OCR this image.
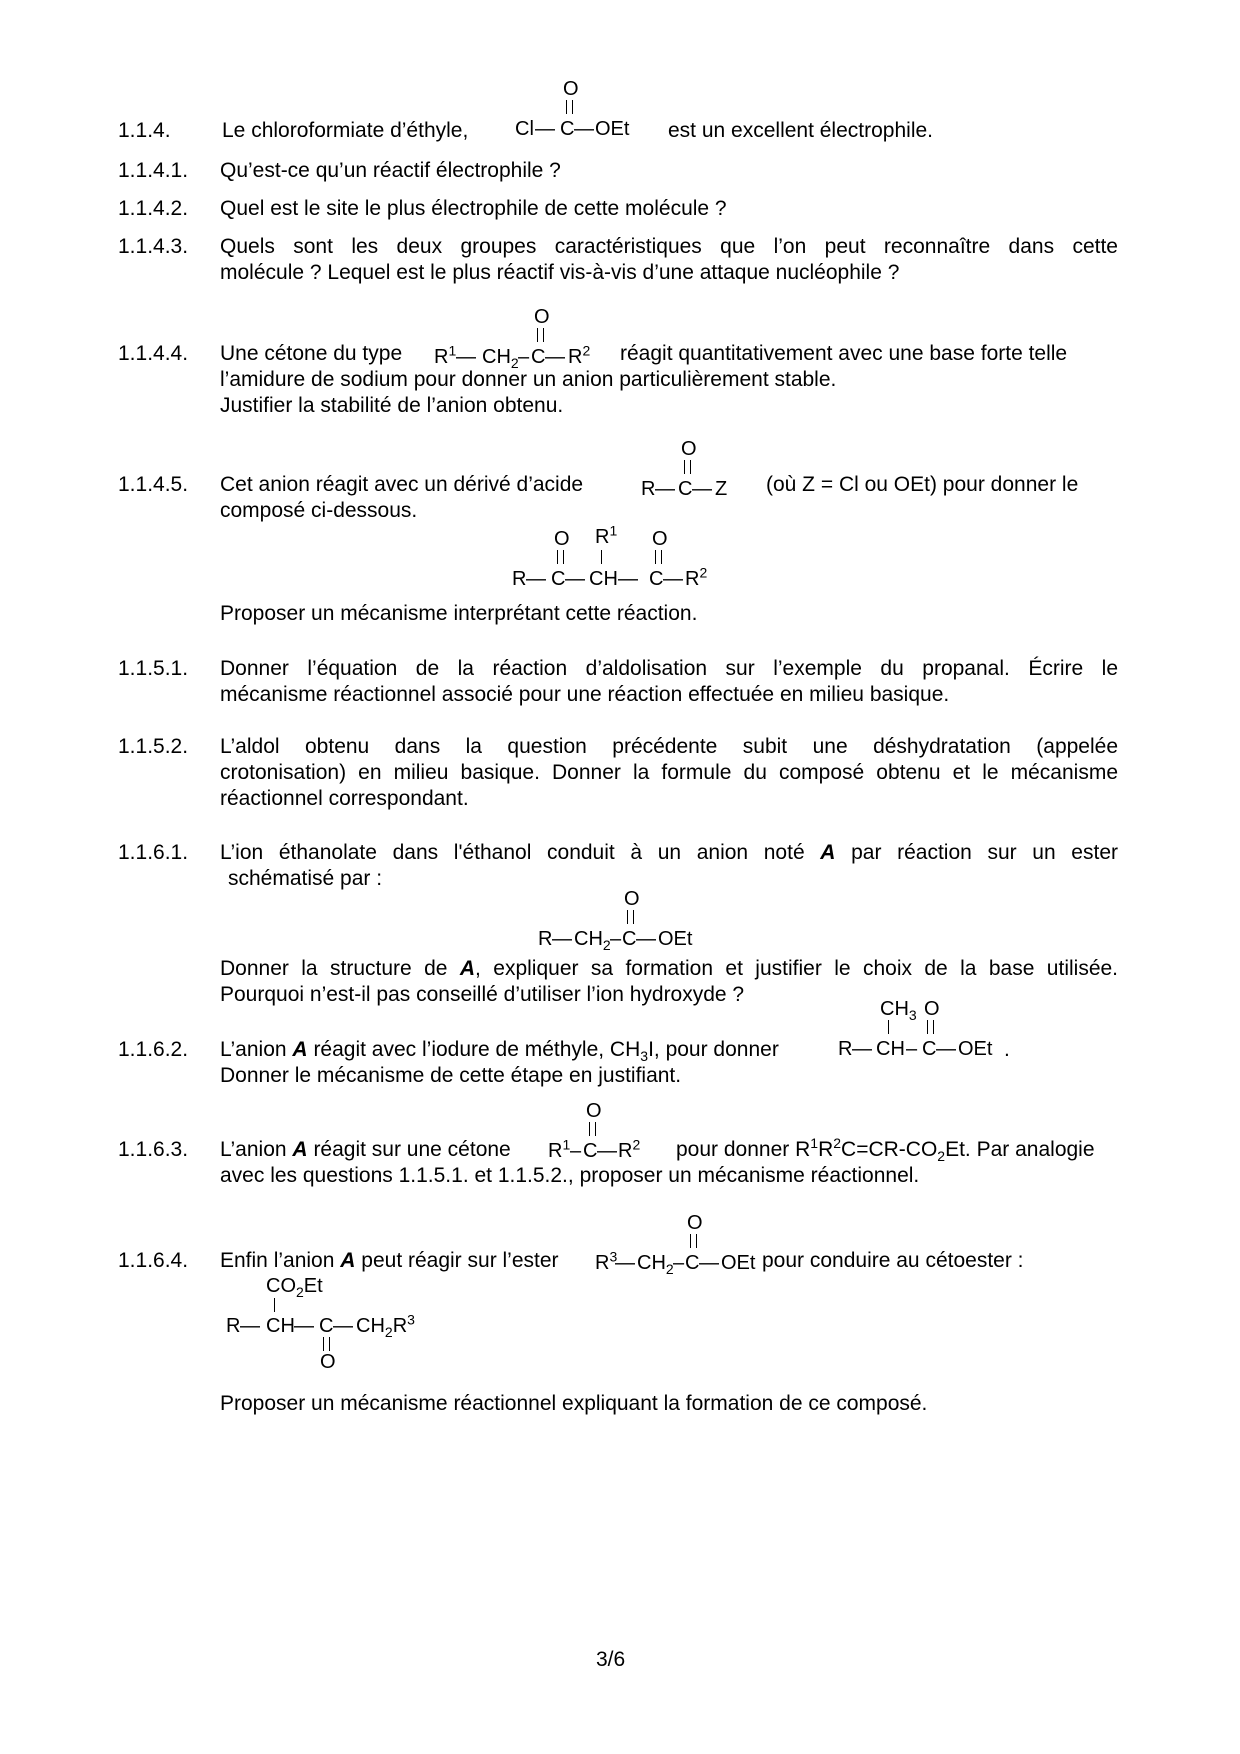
O
Cl — C — OEt
1.1.4. Le chloroformiate d’éthyle,	est un excellent électrophile.
1.1.4.1. Qu’est-ce qu’un réactif électrophile ?
1.1.4.2. Quel est le site le plus électrophile de cette molécule ?
1.1.4.3. Quels sont les deux groupes caractéristiques que l’on peut reconnaître dans cette
molécule ? Lequel est le plus réactif vis-à-vis d’une attaque nucléophile ?
O
$R^1$ — $CH_2$ – C — $R^2$
1.1.4.4. Une cétone du type	réagit quantitativement avec une base forte telle
l’amidure de sodium pour donner un anion particulièrement stable.
Justifier la stabilité de l’anion obtenu.
O
R — C — Z
1.1.4.5. Cet anion réagit avec un dérivé d’acide	(où Z = Cl ou OEt) pour donner le
composé ci-dessous.
O $R^1$ O
R — C — CH — C — $R^2$
Proposer un mécanisme interprétant cette réaction.
1.1.5.1. Donner l’équation de la réaction d’aldolisation sur l’exemple du propanal. Écrire le
mécanisme réactionnel associé pour une réaction effectuée en milieu basique.
1.1.5.2. L’aldol obtenu dans la question précédente subit une déshydratation (appelée
crotonisation) en milieu basique. Donner la formule du composé obtenu et le mécanisme
réactionnel correspondant.
1.1.6.1. L’ion éthanolate dans l'éthanol conduit à un anion noté A par réaction sur un ester
schématisé par :
O
R — $CH_2$ – C — OEt
Donner la structure de A, expliquer sa formation et justifier le choix de la base utilisée.
Pourquoi n’est-il pas conseillé d’utiliser l’ion hydroxyde ?
$CH_3$ O
R — CH – C — OEt
1.1.6.2. L’anion A réagit avec l’iodure de méthyle, $CH_3I$, pour donner	.
Donner le mécanisme de cette étape en justifiant.
O
$R^1$ – C — $R^2$
1.1.6.3. L’anion A réagit sur une cétone	pour donner $R^1R^2C=CR-CO_2Et$. Par analogie
avec les questions 1.1.5.1. et 1.1.5.2., proposer un mécanisme réactionnel.
O
$R^3$
— $CH_2$ – C — OEt
1.1.6.4. Enfin l’anion A peut réagir sur l’ester	pour conduire au cétoester :
$CO_2Et$
R — CH — C — $CH_2R^3$
O
Proposer un mécanisme réactionnel expliquant la formation de ce composé.
3/6
